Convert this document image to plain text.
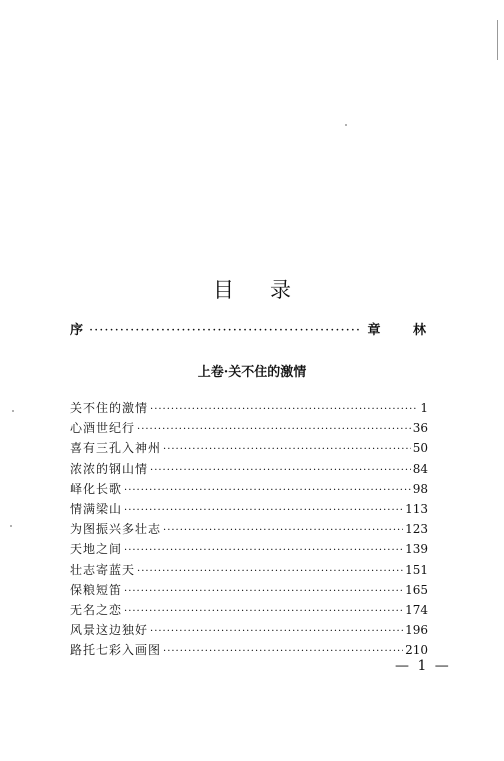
目录
序 ·····	章 林
上卷·关不住的激情
关不住的激情 ·····	1
心酒世纪行 ·····	36
喜有三孔入神州 ·····	50
浓浓的钢山情 ·····	84
峄化长歌 ·····	98
情满梁山 ·····	113
为图振兴多壮志 ·····	123
天地之间 ·····	139
壮志寄蓝天 ·····	151
保粮短笛 ·····	165
无名之恋 ·····	174
风景这边独好 ·····	196
路托七彩入画图 ·····	210
— 1 —
